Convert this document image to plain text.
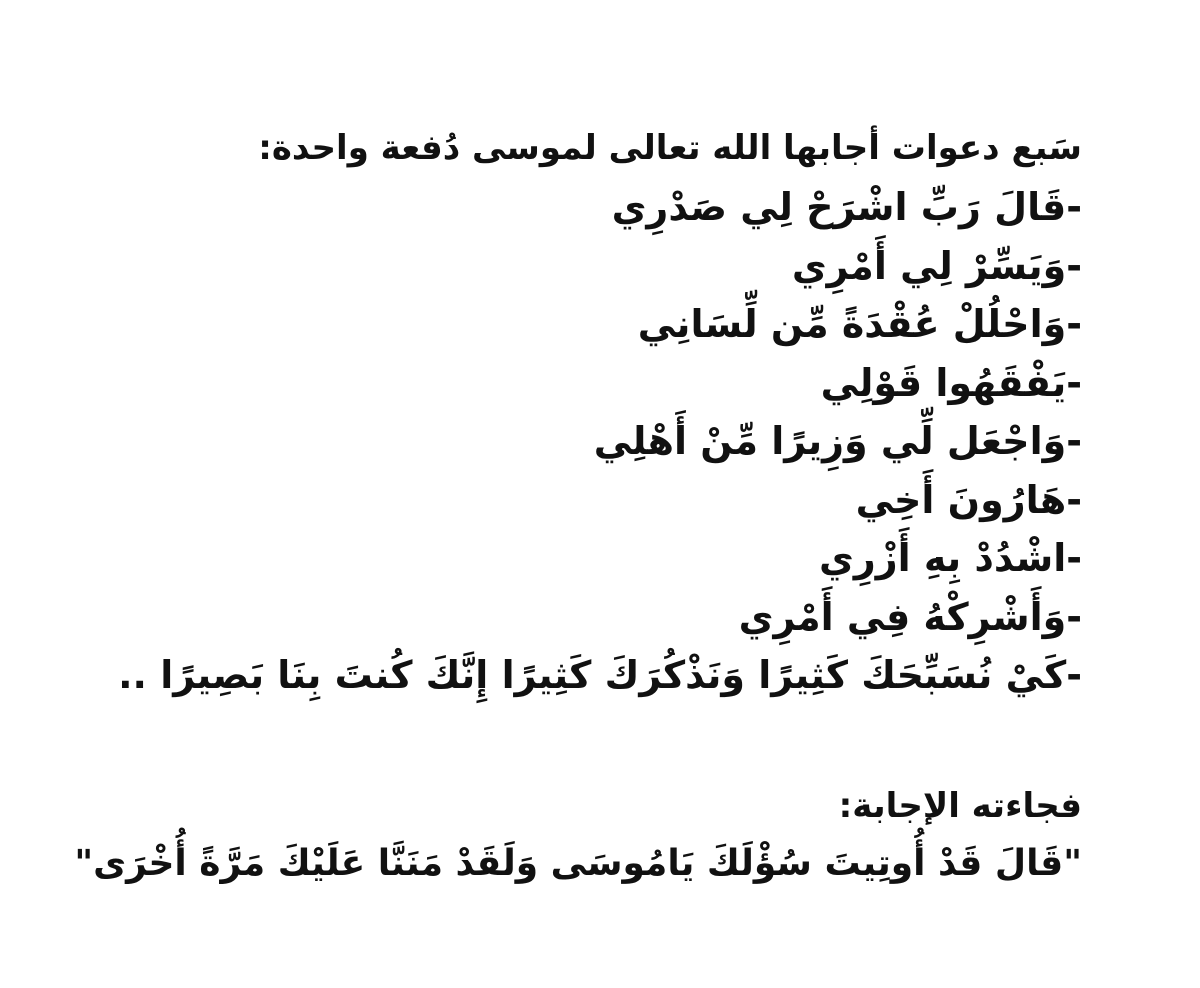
سَبع دعوات أجابها الله تعالى لموسى دُفعة واحدة:

-قَالَ رَبِّ اشْرَحْ لِي صَدْرِي
-وَيَسِّرْ لِي أَمْرِي
-وَاحْلُلْ عُقْدَةً مِّن لِّسَانِي
-يَفْقَهُوا قَوْلِي
-وَاجْعَل لِّي وَزِيرًا مِّنْ أَهْلِي
-هَارُونَ أَخِي
-اشْدُدْ بِهِ أَزْرِي
-وَأَشْرِكْهُ فِي أَمْرِي
-كَيْ نُسَبِّحَكَ كَثِيرًا وَنَذْكُرَكَ كَثِيرًا إِنَّكَ كُنتَ بِنَا بَصِيرًا ..

فجاءته الإجابة:

"قَالَ قَدْ أُوتِيتَ سُؤْلَكَ يَامُوسَى وَلَقَدْ مَنَنَّا عَلَيْكَ مَرَّةً أُخْرَى"
